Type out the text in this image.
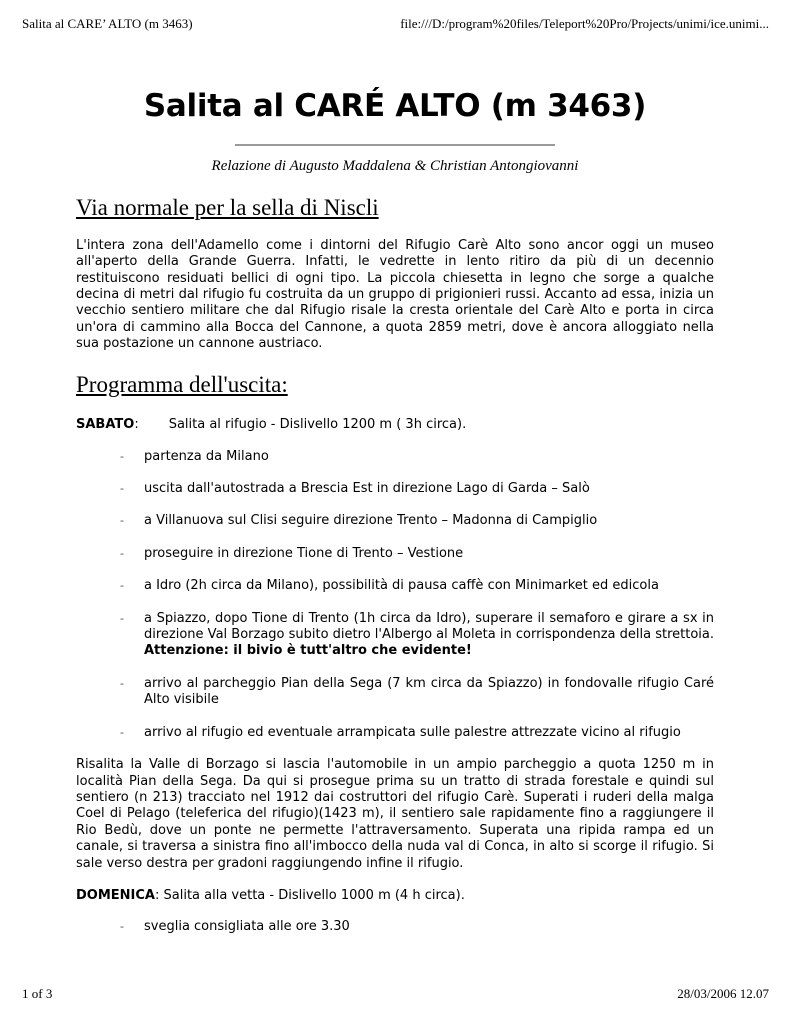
Salita al CARE’ ALTO (m 3463)	file:///D:/program%20files/Teleport%20Pro/Projects/unimi/ice.unimi...
Salita al CARÉ ALTO (m 3463)
Relazione di Augusto Maddalena & Christian Antongiovanni
Via normale per la sella di Niscli

L'intera zona dell'Adamello come i dintorni del Rifugio Carè Alto sono ancor oggi un museo all'aperto della Grande Guerra. Infatti, le vedrette in lento ritiro da più di un decennio restituiscono residuati bellici di ogni tipo. La piccola chiesetta in legno che sorge a qualche decina di metri dal rifugio fu costruita da un gruppo di prigionieri russi. Accanto ad essa, inizia un vecchio sentiero militare che dal Rifugio risale la cresta orientale del Carè Alto e porta in circa un'ora di cammino alla Bocca del Cannone, a quota 2859 metri, dove è ancora alloggiato nella sua postazione un cannone austriaco.

Programma dell'uscita:

SABATO: Salita al rifugio - Dislivello 1200 m ( 3h circa).

- partenza da Milano

- uscita dall'autostrada a Brescia Est in direzione Lago di Garda – Salò

- a Villanuova sul Clisi seguire direzione Trento – Madonna di Campiglio

- proseguire in direzione Tione di Trento – Vestione

- a Idro (2h circa da Milano), possibilità di pausa caffè con Minimarket ed edicola

- a Spiazzo, dopo Tione di Trento (1h circa da Idro), superare il semaforo e girare a sx in direzione Val Borzago subito dietro l'Albergo al Moleta in corrispondenza della strettoia.

Attenzione: il bivio è tutt'altro che evidente!

- arrivo al parcheggio Pian della Sega (7 km circa da Spiazzo) in fondovalle rifugio Caré Alto visibile

- arrivo al rifugio ed eventuale arrampicata sulle palestre attrezzate vicino al rifugio

Risalita la Valle di Borzago si lascia l'automobile in un ampio parcheggio a quota 1250 m in località Pian della Sega. Da qui si prosegue prima su un tratto di strada forestale e quindi sul sentiero (n 213) tracciato nel 1912 dai costruttori del rifugio Carè. Superati i ruderi della malga Coel di Pelago (teleferica del rifugio)(1423 m), il sentiero sale rapidamente fino a raggiungere il Rio Bedù, dove un ponte ne permette l'attraversamento. Superata una ripida rampa ed un canale, si traversa a sinistra fino all'imbocco della nuda val di Conca, in alto si scorge il rifugio. Si sale verso destra per gradoni raggiungendo infine il rifugio.

DOMENICA: Salita alla vetta - Dislivello 1000 m (4 h circa).

- sveglia consigliata alle ore 3.30

1 of 3	28/03/2006 12.07
